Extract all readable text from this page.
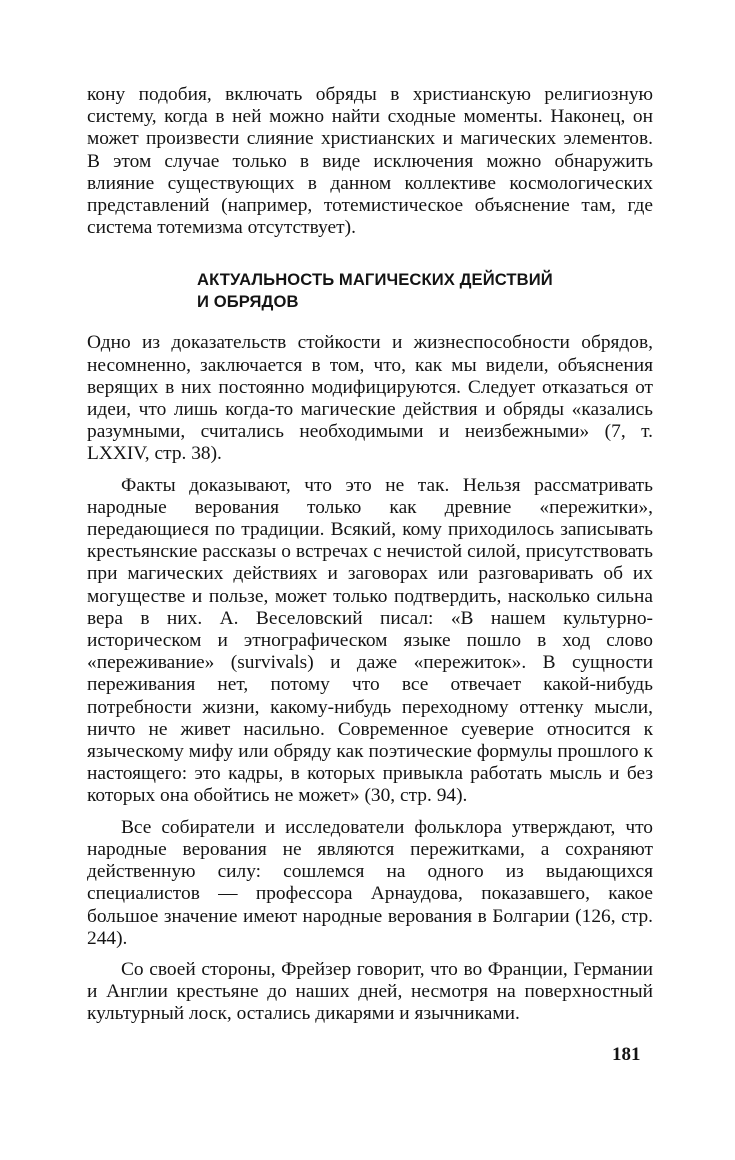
кону подобия, включать обряды в христианскую религиозную систему, когда в ней можно найти сходные моменты. Наконец, он может произвести слияние христианских и магических элементов. В этом случае только в виде исключения можно обнаружить влияние существующих в данном коллективе космологических представлений (например, тотемистическое объяснение там, где система тотемизма отсутствует).

АКТУАЛЬНОСТЬ МАГИЧЕСКИХ ДЕЙСТВИЙ
И ОБРЯДОВ

Одно из доказательств стойкости и жизнеспособности обрядов, несомненно, заключается в том, что, как мы видели, объяснения верящих в них постоянно модифицируются. Следует отказаться от идеи, что лишь когда-то магические действия и обряды «казались разумными, считались необходимыми и неизбежными» (7, т. LXXIV, стр. 38).

Факты доказывают, что это не так. Нельзя рассматривать народные верования только как древние «пережитки», передающиеся по традиции. Всякий, кому приходилось записывать крестьянские рассказы о встречах с нечистой силой, присутствовать при магических действиях и заговорах или разговаривать об их могуществе и пользе, может только подтвердить, насколько сильна вера в них. А. Веселовский писал: «В нашем культурно-историческом и этнографическом языке пошло в ход слово «переживание» (survivals) и даже «пережиток». В сущности переживания нет, потому что все отвечает какой-нибудь потребности жизни, какому-нибудь переходному оттенку мысли, ничто не живет насильно. Современное суеверие относится к языческому мифу или обряду как поэтические формулы прошлого к настоящего: это кадры, в которых привыкла работать мысль и без которых она обойтись не может» (30, стр. 94).

Все собиратели и исследователи фольклора утверждают, что народные верования не являются пережитками, а сохраняют действенную силу: сошлемся на одного из выдающихся специалистов — профессора Арнаудова, показавшего, какое большое значение имеют народные верования в Болгарии (126, стр. 244).

Со своей стороны, Фрейзер говорит, что во Франции, Германии и Англии крестьяне до наших дней, несмотря на поверхностный культурный лоск, остались дикарями и язычниками.

181
